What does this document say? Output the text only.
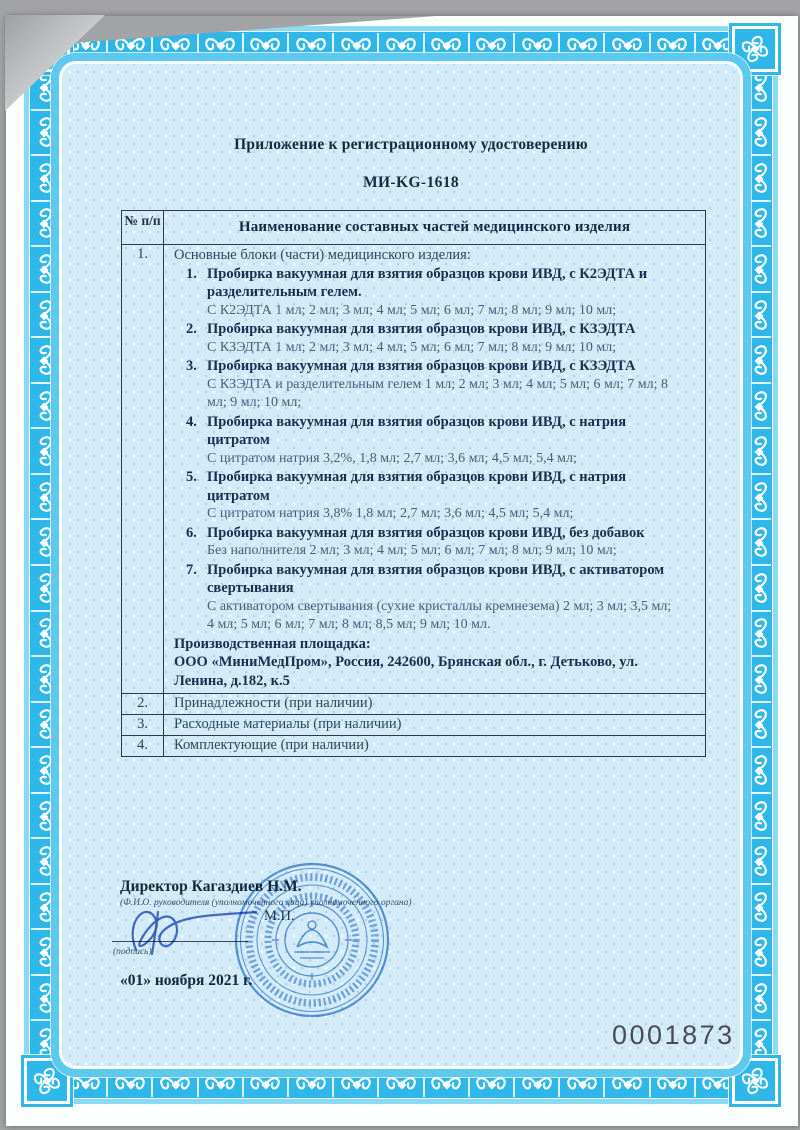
Приложение к регистрационному удостоверению
МИ-KG-1618
№ п/п	Наименование составных частей медицинского изделия
1.	Основные блоки (части) медицинского изделия:
1. Пробирка вакуумная для взятия образцов крови ИВД, с К2ЭДТА и разделительным гелем.
С К2ЭДТА 1 мл; 2 мл; 3 мл; 4 мл; 5 мл; 6 мл; 7 мл; 8 мл; 9 мл; 10 мл;
2. Пробирка вакуумная для взятия образцов крови ИВД, с КЗЭДТА
С КЗЭДТА 1 мл; 2 мл; 3 мл; 4 мл; 5 мл; 6 мл; 7 мл; 8 мл; 9 мл; 10 мл;
3. Пробирка вакуумная для взятия образцов крови ИВД, с КЗЭДТА
С КЗЭДТА и разделительным гелем 1 мл; 2 мл; 3 мл; 4 мл; 5 мл; 6 мл; 7 мл; 8 мл; 9 мл; 10 мл;
4. Пробирка вакуумная для взятия образцов крови ИВД, с натрия цитратом
С цитратом натрия 3,2%, 1,8 мл; 2,7 мл; 3,6 мл; 4,5 мл; 5,4 мл;
5. Пробирка вакуумная для взятия образцов крови ИВД, с натрия цитратом
С цитратом натрия 3,8% 1,8 мл; 2,7 мл; 3,6 мл; 4,5 мл; 5,4 мл;
6. Пробирка вакуумная для взятия образцов крови ИВД, без добавок
Без наполнителя 2 мл; 3 мл; 4 мл; 5 мл; 6 мл; 7 мл; 8 мл; 9 мл; 10 мл;
7. Пробирка вакуумная для взятия образцов крови ИВД, с активатором свертывания
С активатором свертывания (сухие кристаллы кремнезема) 2 мл; 3 мл; 3,5 мл; 4 мл; 5 мл; 6 мл; 7 мл; 8 мл; 8,5 мл; 9 мл; 10 мл.
Производственная площадка:
ООО «МиниМедПром», Россия, 242600, Брянская обл., г. Детьково, ул. Ленина, д.182, к.5

2.	Принадлежности (при наличии)
3.	Расходные материалы (при наличии)
4.	Комплектующие (при наличии)
Директор Кагаздиев Н.М.
(Ф.И.О. руководителя (уполномоченного лица) уполномоченного органа)
(подпись)
М.П.
«01» ноября 2021 г.
0001873
